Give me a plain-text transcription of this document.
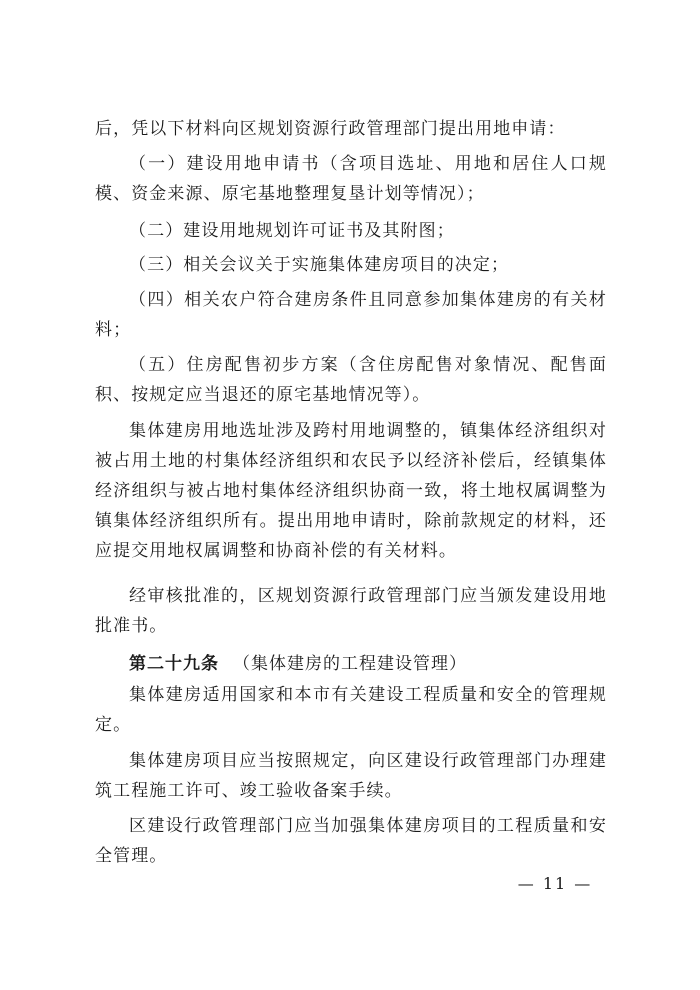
后，凭以下材料向区规划资源行政管理部门提出用地申请：

（一）建设用地申请书（含项目选址、用地和居住人口规模、资金来源、原宅基地整理复垦计划等情况）；

（二）建设用地规划许可证书及其附图；

（三）相关会议关于实施集体建房项目的决定；

（四）相关农户符合建房条件且同意参加集体建房的有关材料；

（五）住房配售初步方案（含住房配售对象情况、配售面积、按规定应当退还的原宅基地情况等）。

集体建房用地选址涉及跨村用地调整的，镇集体经济组织对被占用土地的村集体经济组织和农民予以经济补偿后，经镇集体经济组织与被占地村集体经济组织协商一致，将土地权属调整为镇集体经济组织所有。提出用地申请时，除前款规定的材料，还应提交用地权属调整和协商补偿的有关材料。

经审核批准的，区规划资源行政管理部门应当颁发建设用地批准书。

第二十九条 （集体建房的工程建设管理）

集体建房适用国家和本市有关建设工程质量和安全的管理规定。

集体建房项目应当按照规定，向区建设行政管理部门办理建筑工程施工许可、竣工验收备案手续。

区建设行政管理部门应当加强集体建房项目的工程质量和安全管理。

— 11 —
